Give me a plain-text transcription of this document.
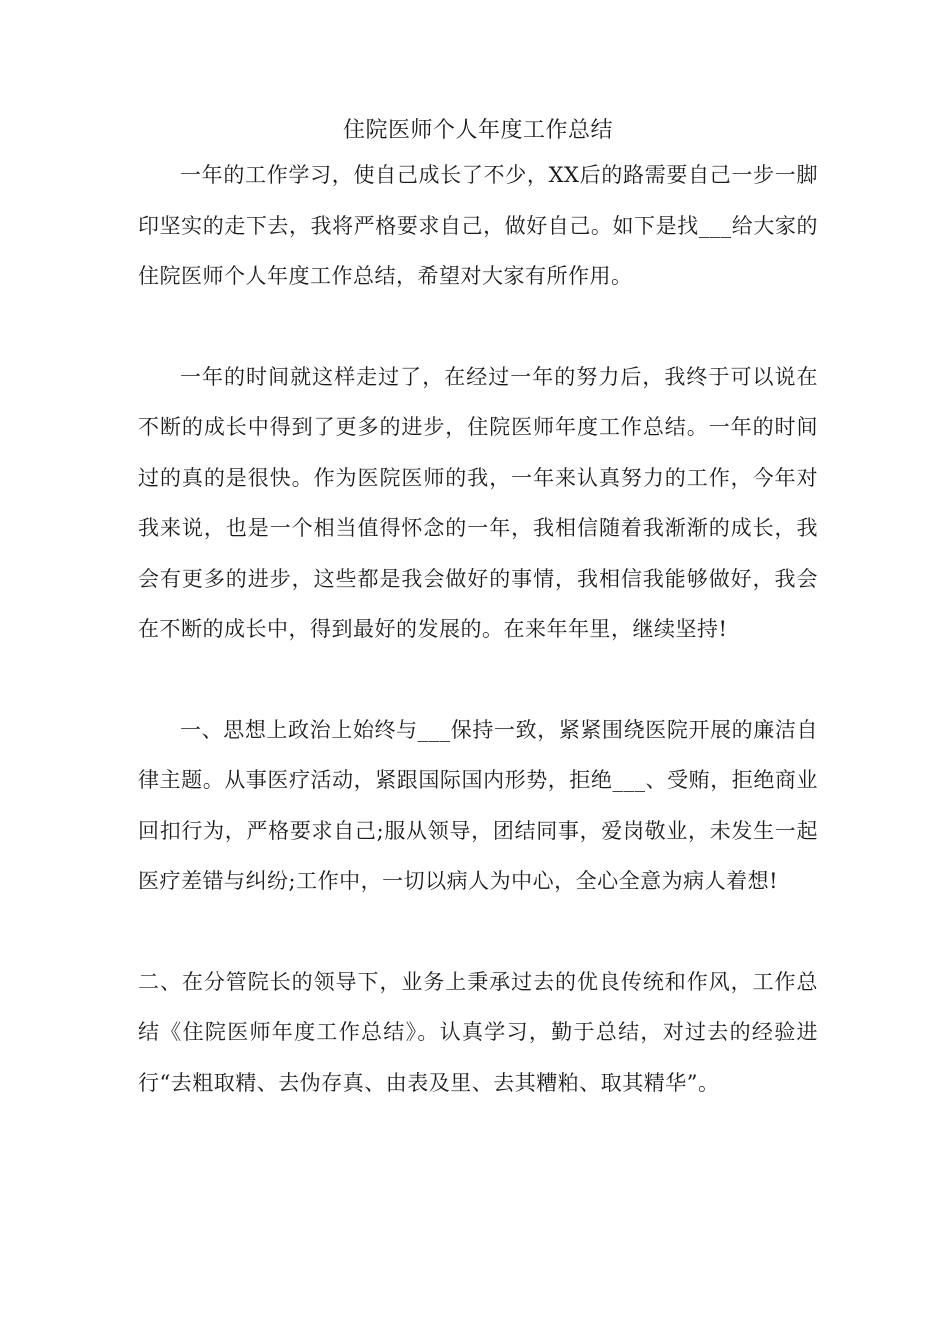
住院医师个人年度工作总结

一年的工作学习，使自己成长了不少，XX后的路需要自己一步一脚印坚实的走下去，我将严格要求自己，做好自己。如下是找___给大家的住院医师个人年度工作总结，希望对大家有所作用。

一年的时间就这样走过了，在经过一年的努力后，我终于可以说在不断的成长中得到了更多的进步，住院医师年度工作总结。一年的时间过的真的是很快。作为医院医师的我，一年来认真努力的工作，今年对我来说，也是一个相当值得怀念的一年，我相信随着我渐渐的成长，我会有更多的进步，这些都是我会做好的事情，我相信我能够做好，我会在不断的成长中，得到最好的发展的。在来年年里，继续坚持!

一、思想上政治上始终与___保持一致，紧紧围绕医院开展的廉洁自律主题。从事医疗活动，紧跟国际国内形势，拒绝___、受贿，拒绝商业回扣行为，严格要求自己;服从领导，团结同事，爱岗敬业，未发生一起医疗差错与纠纷;工作中，一切以病人为中心，全心全意为病人着想!

二、在分管院长的领导下，业务上秉承过去的优良传统和作风，工作总结《住院医师年度工作总结》。认真学习，勤于总结，对过去的经验进行“去粗取精、去伪存真、由表及里、去其糟粕、取其精华”。
